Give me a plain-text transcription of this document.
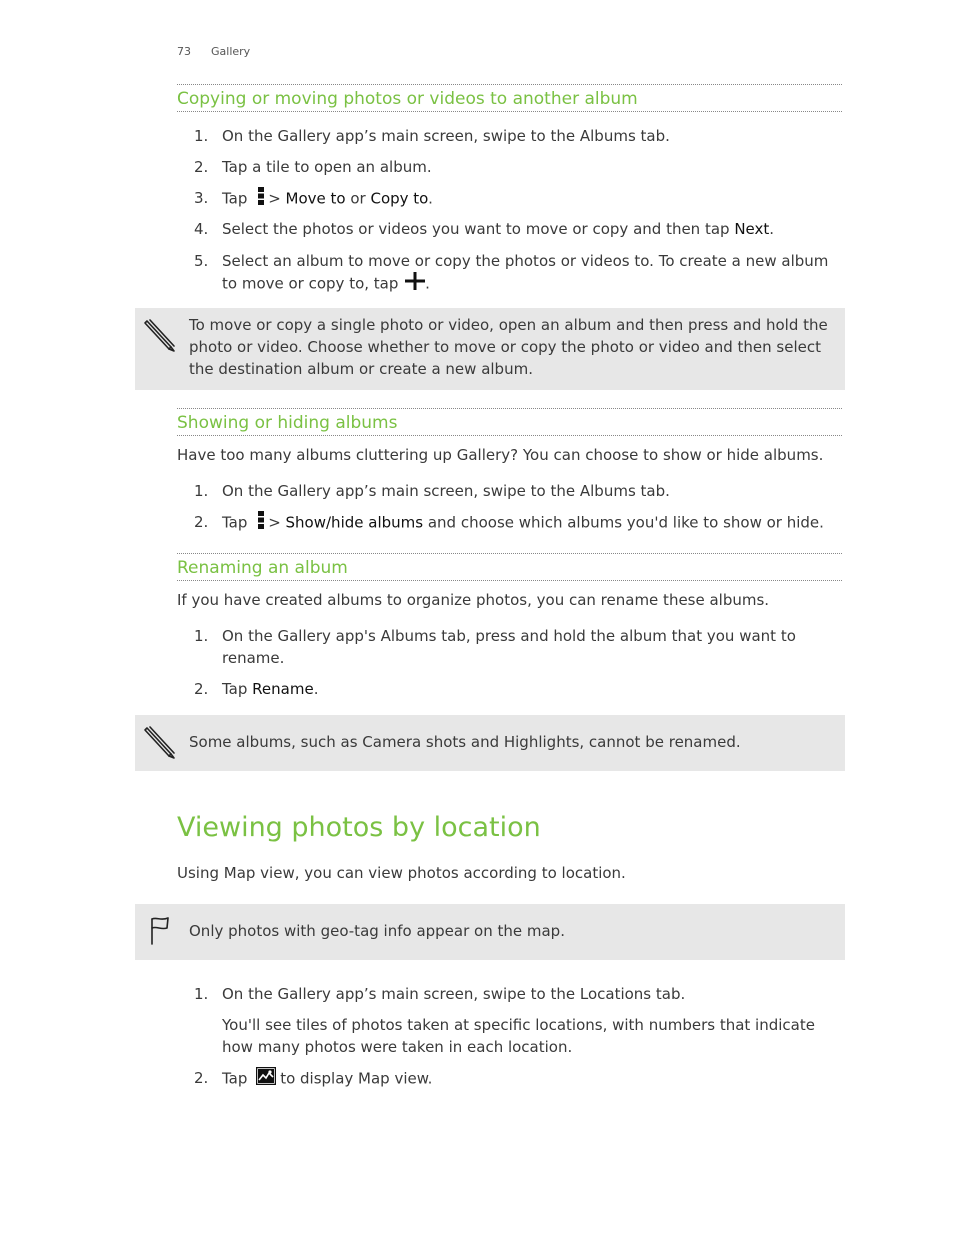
73 Gallery
Copying or moving photos or videos to another album
1. On the Gallery app’s main screen, swipe to the Albums tab.
2. Tap a tile to open an album.
3. Tap > Move to or Copy to.
4. Select the photos or videos you want to move or copy and then tap Next.
5. Select an album to move or copy the photos or videos to. To create a new album to move or copy to, tap .
To move or copy a single photo or video, open an album and then press and hold the photo or video. Choose whether to move or copy the photo or video and then select the destination album or create a new album.
Showing or hiding albums
Have too many albums cluttering up Gallery? You can choose to show or hide albums.
1. On the Gallery app’s main screen, swipe to the Albums tab.
2. Tap > Show/hide albums and choose which albums you'd like to show or hide.
Renaming an album
If you have created albums to organize photos, you can rename these albums.
1. On the Gallery app's Albums tab, press and hold the album that you want to rename.
2. Tap Rename.
Some albums, such as Camera shots and Highlights, cannot be renamed.
Viewing photos by location
Using Map view, you can view photos according to location.
Only photos with geo-tag info appear on the map.
1. On the Gallery app’s main screen, swipe to the Locations tab.
You'll see tiles of photos taken at specific locations, with numbers that indicate how many photos were taken in each location.
2. Tap to display Map view.
